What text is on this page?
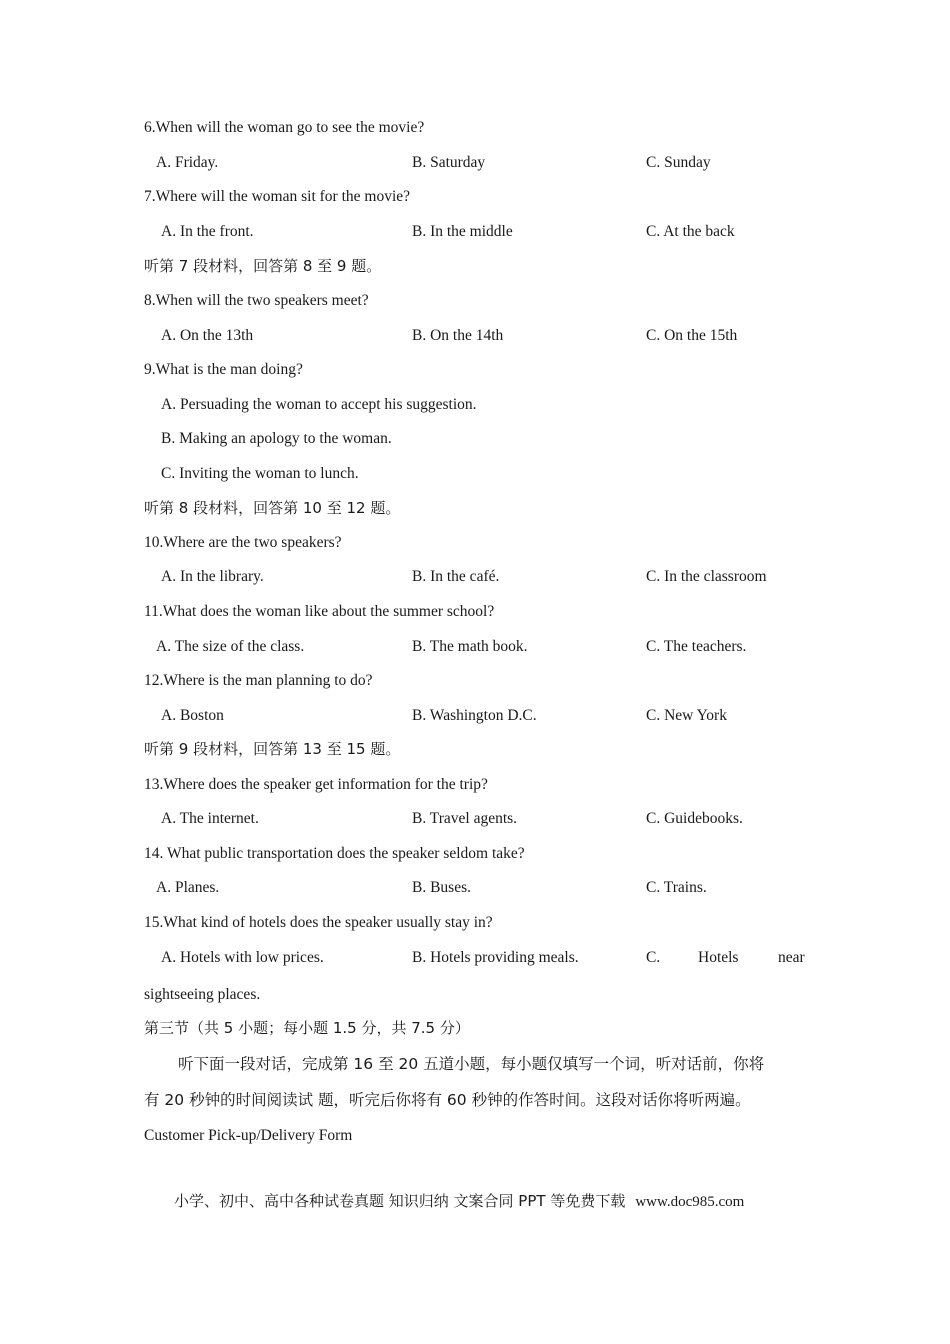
6.When will the woman go to see the movie?
A. Friday.	B. Saturday	C. Sunday
7.Where will the woman sit for the movie?
A. In the front.	B. In the middle	C. At the back
听第 7 段材料，回答第 8 至 9 题。
8.When will the two speakers meet?
A. On the 13th	B. On the 14th	C. On the 15th
9.What is the man doing?
A. Persuading the woman to accept his suggestion.
B. Making an apology to the woman.
C. Inviting the woman to lunch.
听第 8 段材料，回答第 10 至 12 题。
10.Where are the two speakers?
A. In the library.	B. In the café.	C. In the classroom
11.What does the woman like about the summer school?
A. The size of the class.	B. The math book.	C. The teachers.
12.Where is the man planning to do?
A. Boston	B. Washington D.C.	C. New York
听第 9 段材料，回答第 13 至 15 题。
13.Where does the speaker get information for the trip?
A. The internet.	B. Travel agents.	C. Guidebooks.
14. What public transportation does the speaker seldom take?
A. Planes.	B. Buses.	C. Trains.
15.What kind of hotels does the speaker usually stay in?
A. Hotels with low prices.	B. Hotels providing meals.	C. Hotels	near
sightseeing places.
第三节（共 5 小题；每小题 1.5 分，共 7.5 分）
听下面一段对话，完成第 16 至 20 五道小题，每小题仅填写一个词，听对话前，你将
有 20 秒钟的时间阅读试 题，听完后你将有 60 秒钟的作答时间。这段对话你将听两遍。
Customer Pick-up/Delivery Form
小学、初中、高中各种试卷真题 知识归纳 文案合同 PPT 等免费下载 www.doc985.com
